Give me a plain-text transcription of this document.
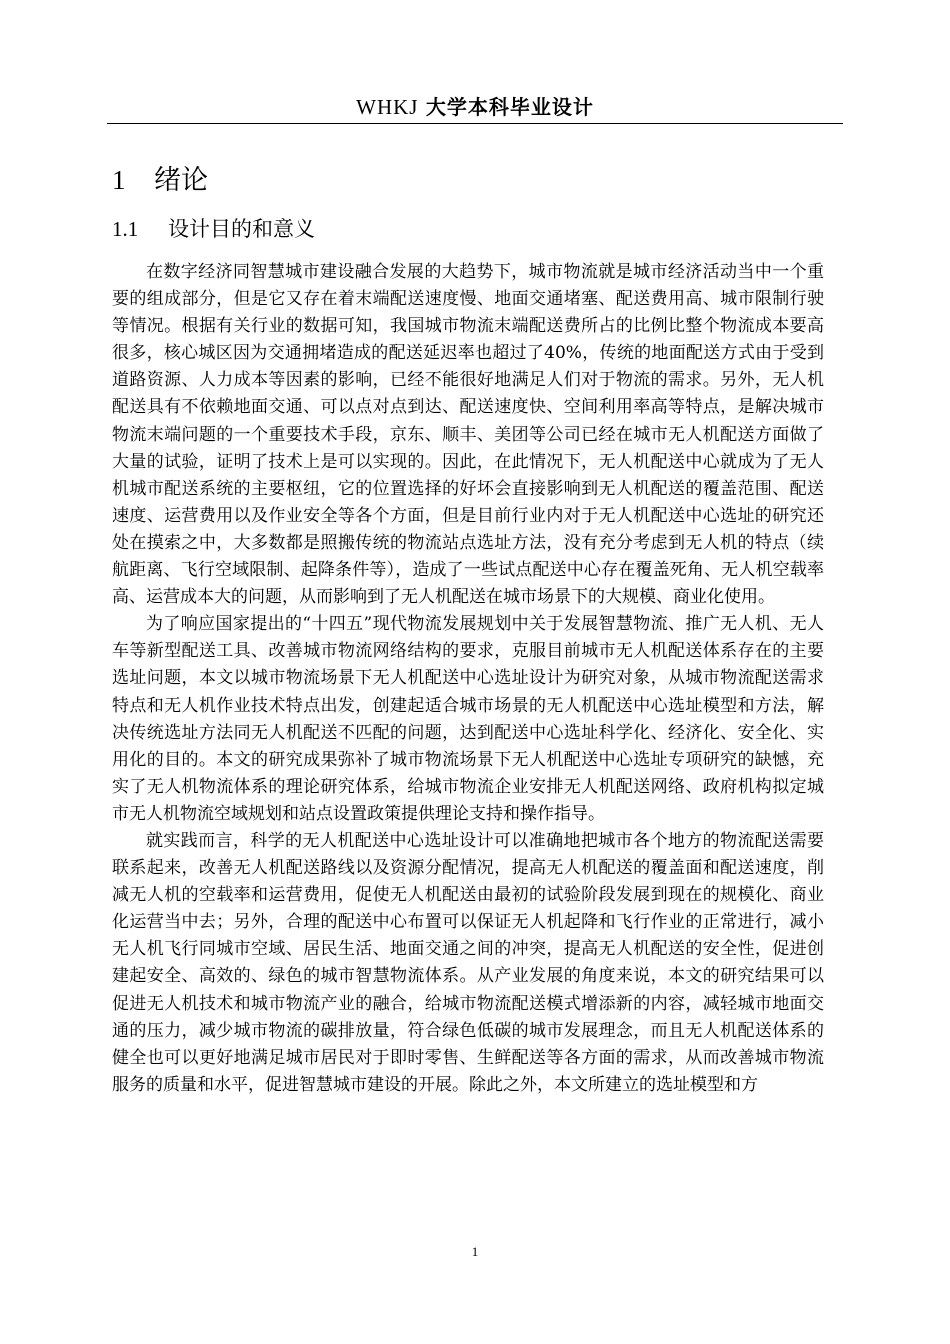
WHKJ 大学本科毕业设计
1 绪论
1.1 设计目的和意义

在数字经济同智慧城市建设融合发展的大趋势下，城市物流就是城市经济活动当中一个重要的组成部分，但是它又存在着末端配送速度慢、地面交通堵塞、配送费用高、城市限制行驶等情况。根据有关行业的数据可知，我国城市物流末端配送费所占的比例比整个物流成本要高很多，核心城区因为交通拥堵造成的配送延迟率也超过了40%，传统的地面配送方式由于受到道路资源、人力成本等因素的影响，已经不能很好地满足人们对于物流的需求。另外，无人机配送具有不依赖地面交通、可以点对点到达、配送速度快、空间利用率高等特点，是解决城市物流末端问题的一个重要技术手段，京东、顺丰、美团等公司已经在城市无人机配送方面做了大量的试验，证明了技术上是可以实现的。因此，在此情况下，无人机配送中心就成为了无人机城市配送系统的主要枢纽，它的位置选择的好坏会直接影响到无人机配送的覆盖范围、配送速度、运营费用以及作业安全等各个方面，但是目前行业内对于无人机配送中心选址的研究还处在摸索之中，大多数都是照搬传统的物流站点选址方法，没有充分考虑到无人机的特点（续航距离、飞行空域限制、起降条件等），造成了一些试点配送中心存在覆盖死角、无人机空载率高、运营成本大的问题，从而影响到了无人机配送在城市场景下的大规模、商业化使用。

为了响应国家提出的“十四五”现代物流发展规划中关于发展智慧物流、推广无人机、无人车等新型配送工具、改善城市物流网络结构的要求，克服目前城市无人机配送体系存在的主要选址问题，本文以城市物流场景下无人机配送中心选址设计为研究对象，从城市物流配送需求特点和无人机作业技术特点出发，创建起适合城市场景的无人机配送中心选址模型和方法，解决传统选址方法同无人机配送不匹配的问题，达到配送中心选址科学化、经济化、安全化、实用化的目的。本文的研究成果弥补了城市物流场景下无人机配送中心选址专项研究的缺憾，充实了无人机物流体系的理论研究体系，给城市物流企业安排无人机配送网络、政府机构拟定城市无人机物流空域规划和站点设置政策提供理论支持和操作指导。

就实践而言，科学的无人机配送中心选址设计可以准确地把城市各个地方的物流配送需要联系起来，改善无人机配送路线以及资源分配情况，提高无人机配送的覆盖面和配送速度，削减无人机的空载率和运营费用，促使无人机配送由最初的试验阶段发展到现在的规模化、商业化运营当中去；另外，合理的配送中心布置可以保证无人机起降和飞行作业的正常进行，减小无人机飞行同城市空域、居民生活、地面交通之间的冲突，提高无人机配送的安全性，促进创建起安全、高效的、绿色的城市智慧物流体系。从产业发展的角度来说，本文的研究结果可以促进无人机技术和城市物流产业的融合，给城市物流配送模式增添新的内容，减轻城市地面交通的压力，减少城市物流的碳排放量，符合绿色低碳的城市发展理念，而且无人机配送体系的健全也可以更好地满足城市居民对于即时零售、生鲜配送等各方面的需求，从而改善城市物流服务的质量和水平，促进智慧城市建设的开展。除此之外，本文所建立的选址模型和方

1
